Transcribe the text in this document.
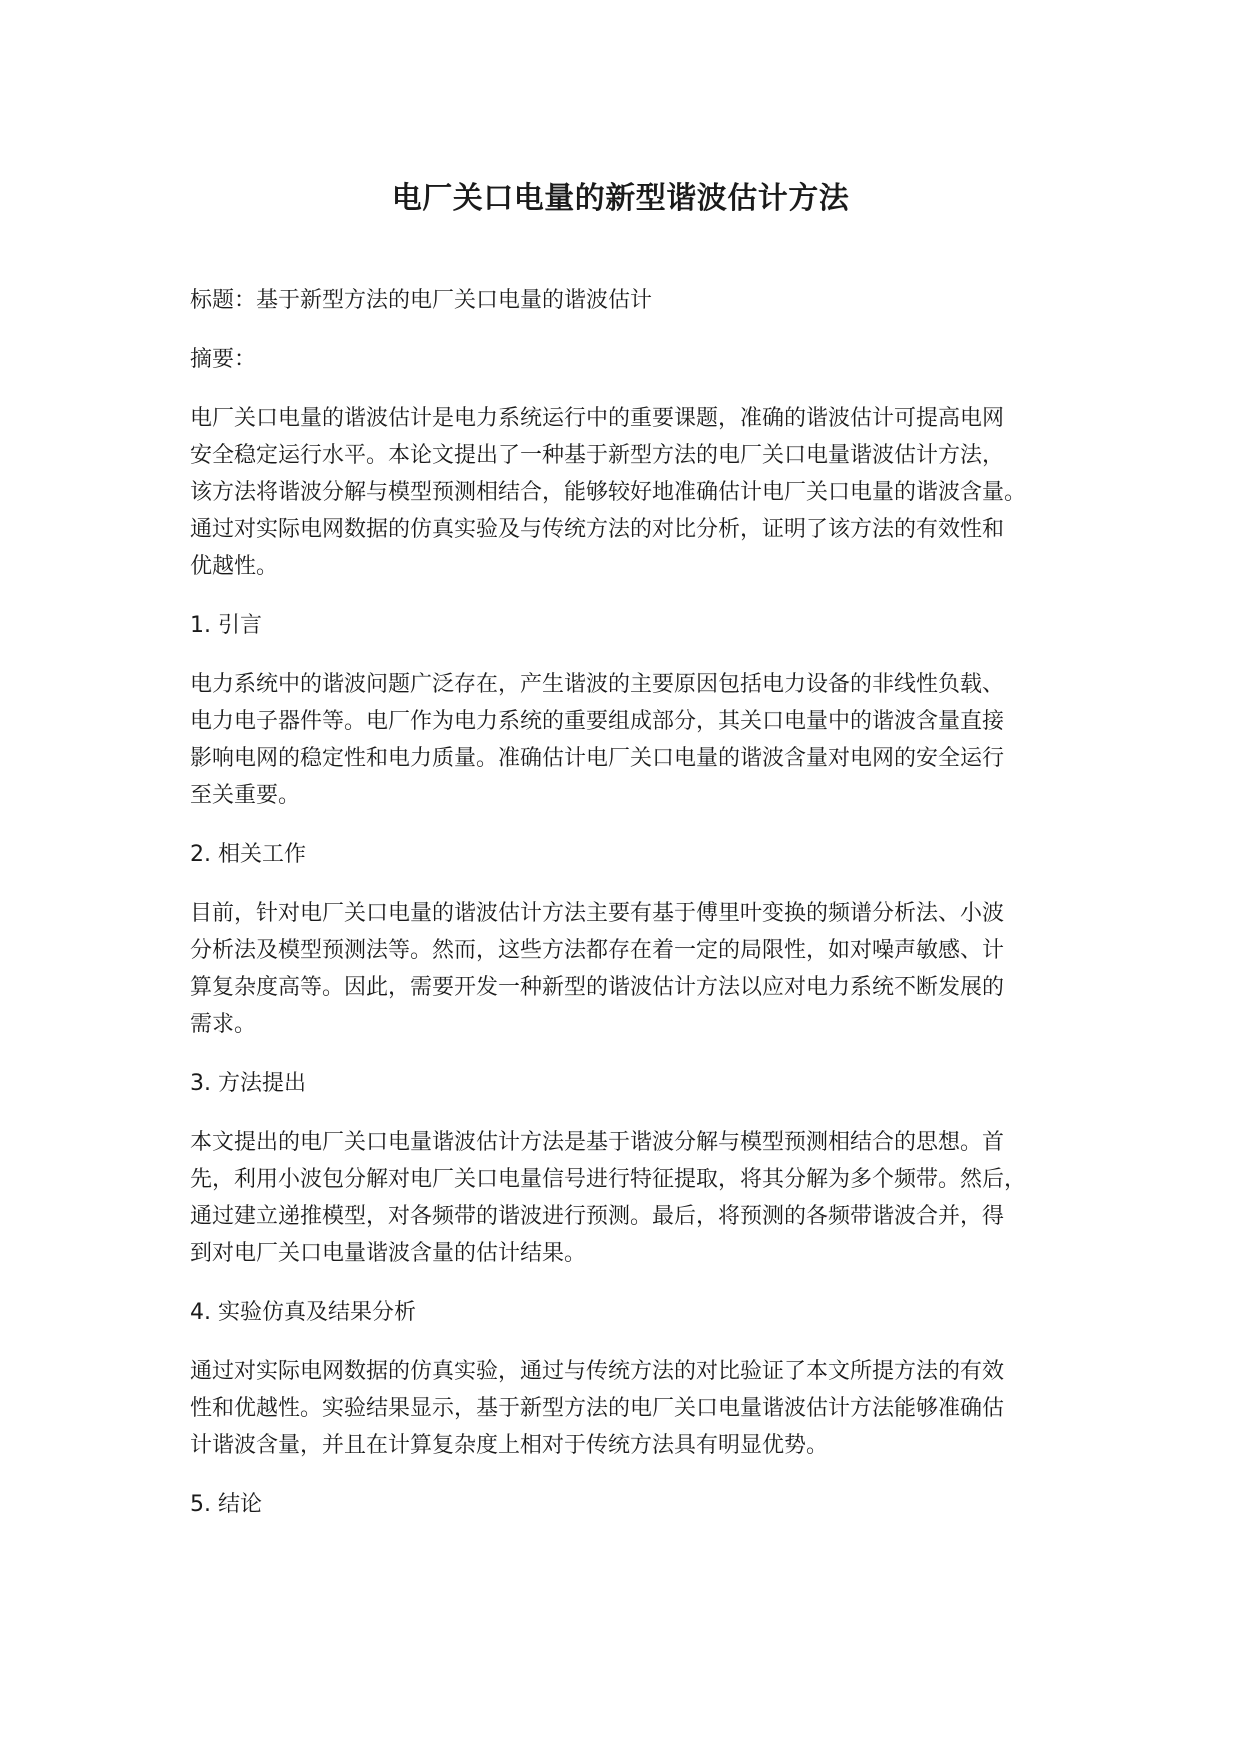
电厂关口电量的新型谐波估计方法
标题：基于新型方法的电厂关口电量的谐波估计
摘要：
电厂关口电量的谐波估计是电力系统运行中的重要课题，准确的谐波估计可提高电网
安全稳定运行水平。本论文提出了一种基于新型方法的电厂关口电量谐波估计方法，
该方法将谐波分解与模型预测相结合，能够较好地准确估计电厂关口电量的谐波含量。
通过对实际电网数据的仿真实验及与传统方法的对比分析，证明了该方法的有效性和
优越性。
1. 引言
电力系统中的谐波问题广泛存在，产生谐波的主要原因包括电力设备的非线性负载、
电力电子器件等。电厂作为电力系统的重要组成部分，其关口电量中的谐波含量直接
影响电网的稳定性和电力质量。准确估计电厂关口电量的谐波含量对电网的安全运行
至关重要。
2. 相关工作
目前，针对电厂关口电量的谐波估计方法主要有基于傅里叶变换的频谱分析法、小波
分析法及模型预测法等。然而，这些方法都存在着一定的局限性，如对噪声敏感、计
算复杂度高等。因此，需要开发一种新型的谐波估计方法以应对电力系统不断发展的
需求。
3. 方法提出
本文提出的电厂关口电量谐波估计方法是基于谐波分解与模型预测相结合的思想。首
先，利用小波包分解对电厂关口电量信号进行特征提取，将其分解为多个频带。然后，
通过建立递推模型，对各频带的谐波进行预测。最后，将预测的各频带谐波合并，得
到对电厂关口电量谐波含量的估计结果。
4. 实验仿真及结果分析
通过对实际电网数据的仿真实验，通过与传统方法的对比验证了本文所提方法的有效
性和优越性。实验结果显示，基于新型方法的电厂关口电量谐波估计方法能够准确估
计谐波含量，并且在计算复杂度上相对于传统方法具有明显优势。
5. 结论
